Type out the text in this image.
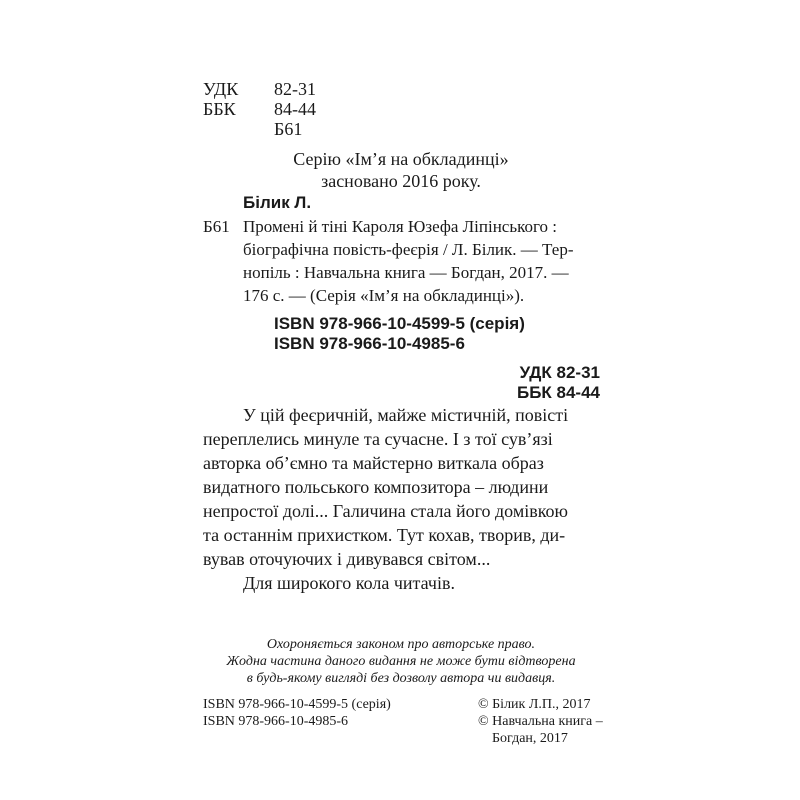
УДК 82-31
ББК 84-44
Б61
Серію «Ім’я на обкладинці»
засновано 2016 року.
Білик Л.
Б61 Промені й тіні Кароля Юзефа Ліпінського :
біографічна повість-феєрія / Л. Білик. — Тер-
нопіль : Навчальна книга — Богдан, 2017. —
176 с. — (Серія «Ім’я на обкладинці»).
ISBN 978-966-10-4599-5 (серія)
ISBN 978-966-10-4985-6
УДК 82-31
ББК 84-44
У цій феєричній, майже містичній, повісті
переплелись минуле та сучасне. І з тої сув’язі
авторка об’ємно та майстерно виткала образ
видатного польського композитора – людини
непростої долі... Галичина стала його домівкою
та останнім прихистком. Тут кохав, творив, ди-
вував оточуючих і дивувався світом...
Для широкого кола читачів.
Охороняється законом про авторське право.
Жодна частина даного видання не може бути відтворена
в будь-якому вигляді без дозволу автора чи видавця.
ISBN 978-966-10-4599-5 (серія)
ISBN 978-966-10-4985-6
© Білик Л.П., 2017
© Навчальна книга –
Богдан, 2017
